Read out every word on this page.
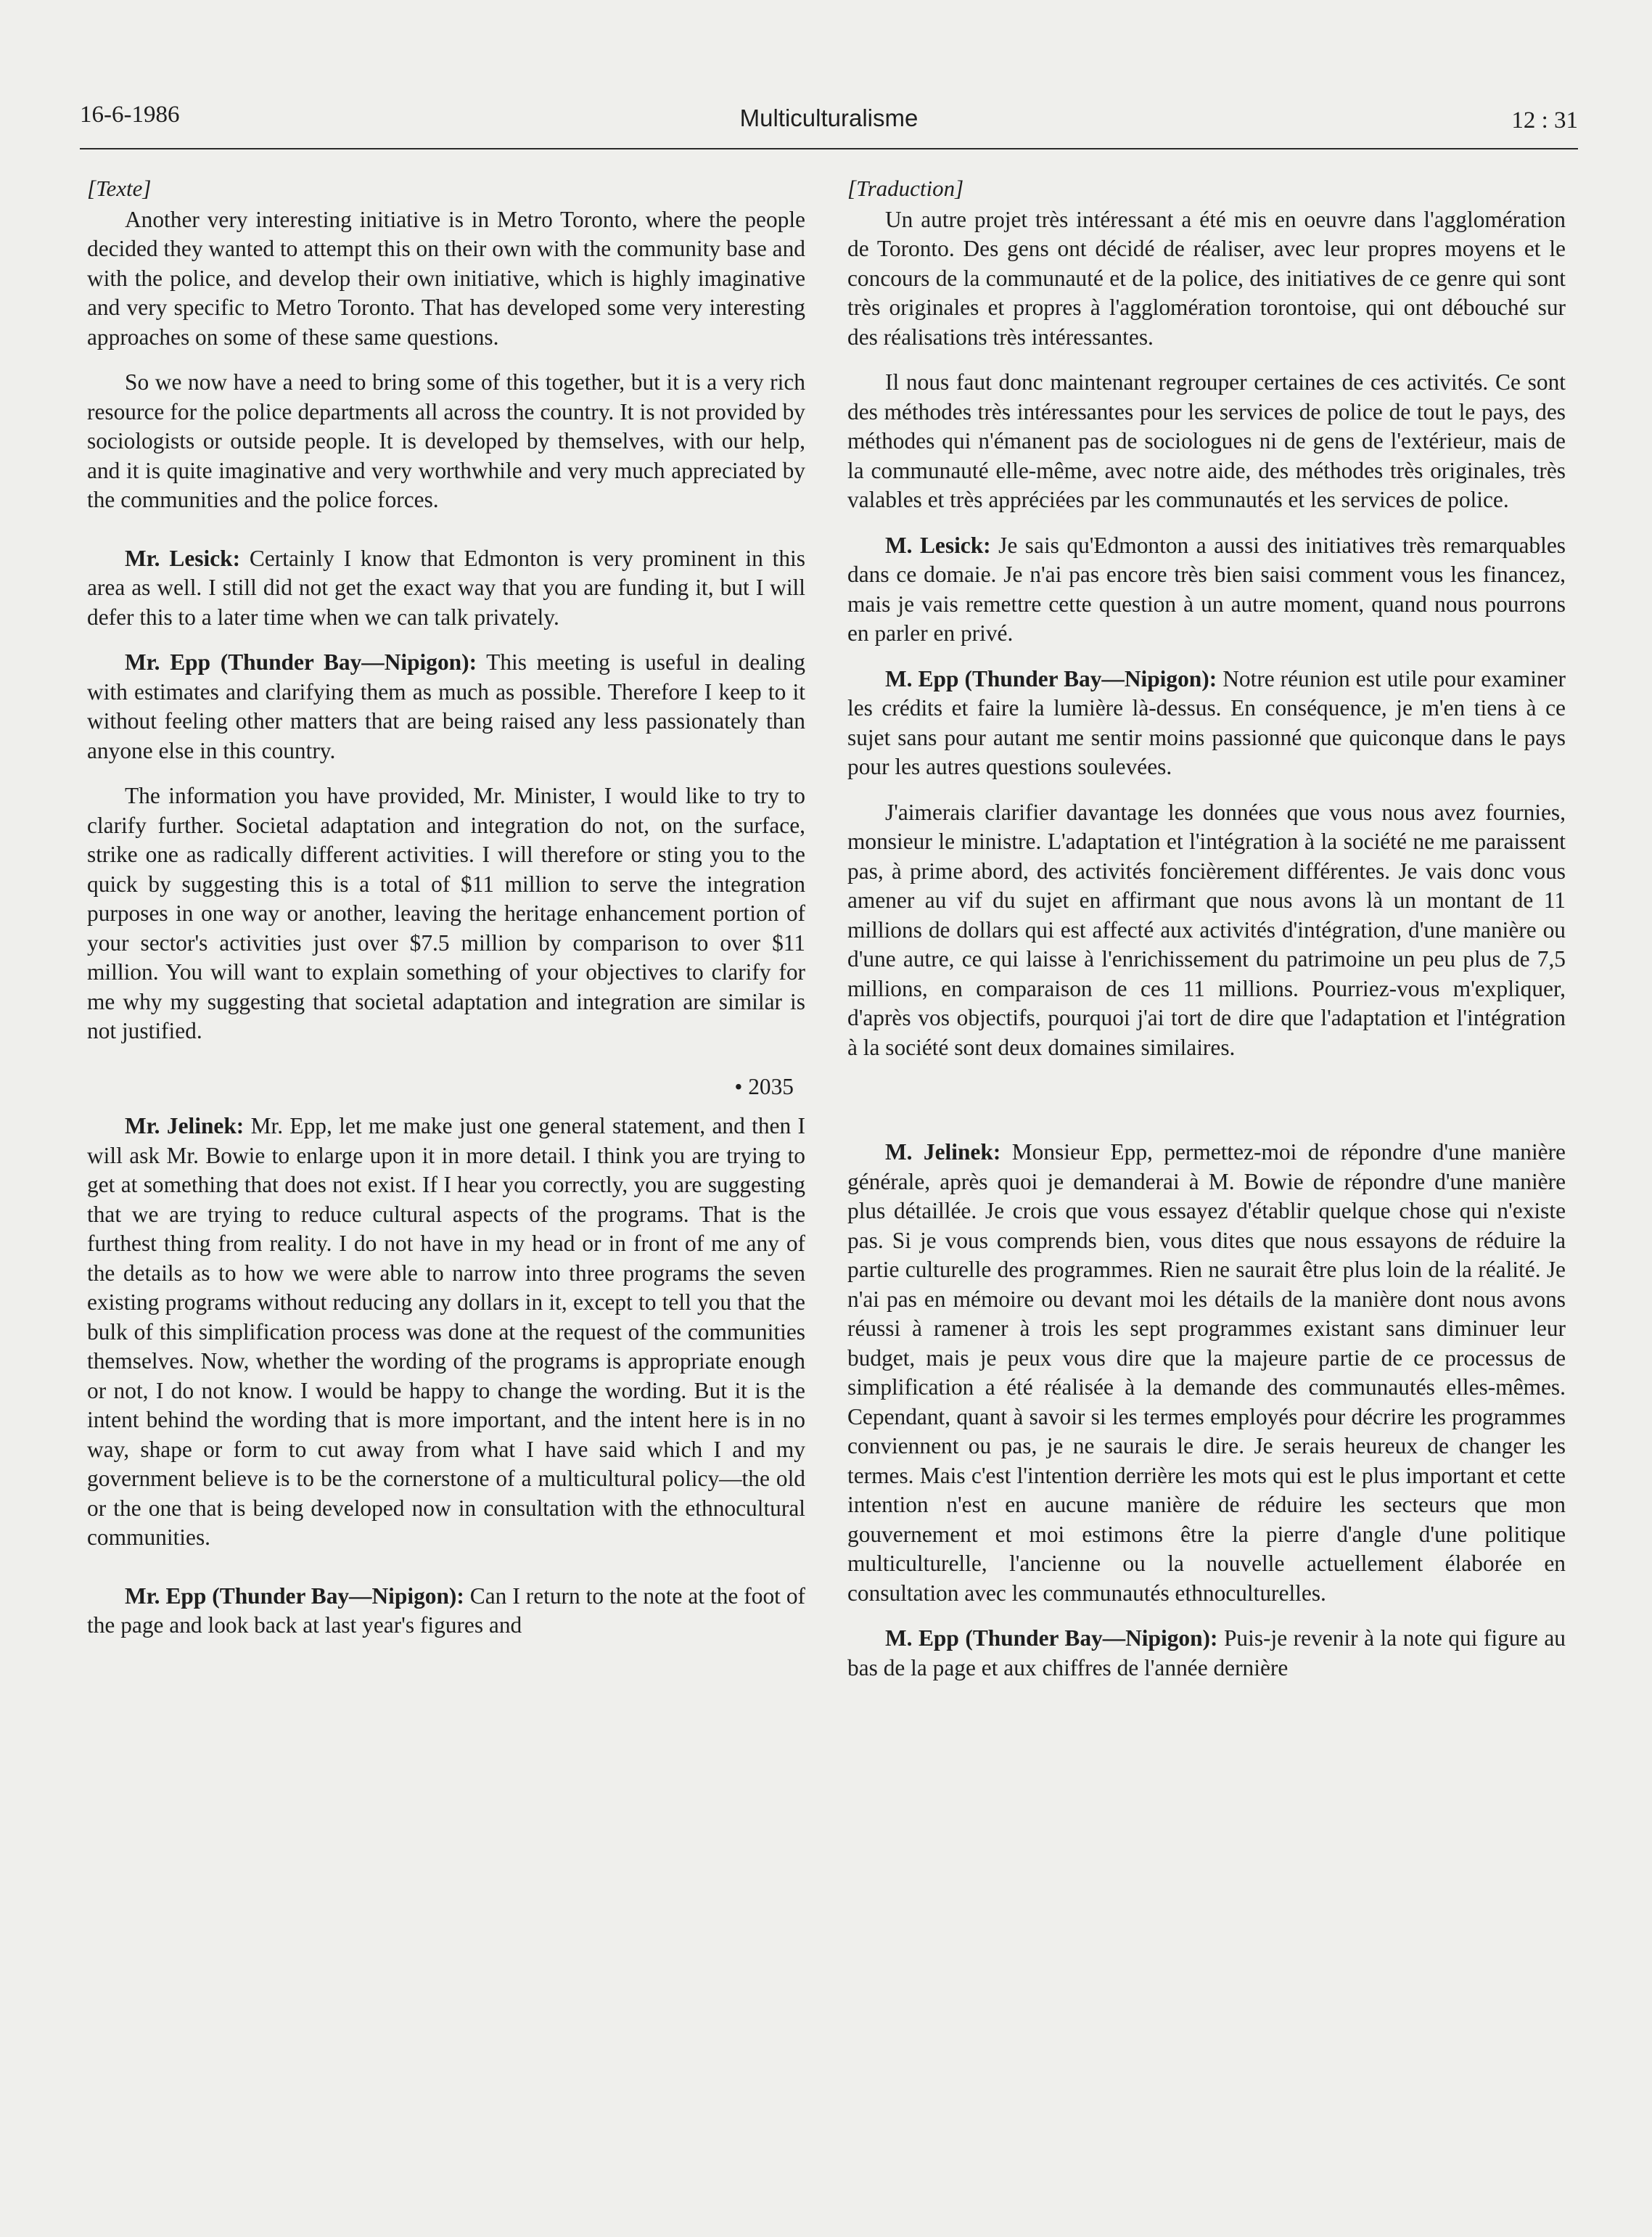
16-6-1986	Multiculturalisme	12 : 31
[Texte]

Another very interesting initiative is in Metro Toronto, where the people decided they wanted to attempt this on their own with the community base and with the police, and develop their own initiative, which is highly imaginative and very specific to Metro Toronto. That has developed some very interesting approaches on some of these same questions.

So we now have a need to bring some of this together, but it is a very rich resource for the police departments all across the country. It is not provided by sociologists or outside people. It is developed by themselves, with our help, and it is quite imaginative and very worthwhile and very much appreciated by the communities and the police forces.

Mr. Lesick: Certainly I know that Edmonton is very prominent in this area as well. I still did not get the exact way that you are funding it, but I will defer this to a later time when we can talk privately.

Mr. Epp (Thunder Bay—Nipigon): This meeting is useful in dealing with estimates and clarifying them as much as possible. Therefore I keep to it without feeling other matters that are being raised any less passionately than anyone else in this country.

The information you have provided, Mr. Minister, I would like to try to clarify further. Societal adaptation and integration do not, on the surface, strike one as radically different activities. I will therefore or sting you to the quick by suggesting this is a total of $11 million to serve the integration purposes in one way or another, leaving the heritage enhancement portion of your sector's activities just over $7.5 million by comparison to over $11 million. You will want to explain something of your objectives to clarify for me why my suggesting that societal adaptation and integration are similar is not justified.

• 2035

Mr. Jelinek: Mr. Epp, let me make just one general statement, and then I will ask Mr. Bowie to enlarge upon it in more detail. I think you are trying to get at something that does not exist. If I hear you correctly, you are suggesting that we are trying to reduce cultural aspects of the programs. That is the furthest thing from reality. I do not have in my head or in front of me any of the details as to how we were able to narrow into three programs the seven existing programs without reducing any dollars in it, except to tell you that the bulk of this simplification process was done at the request of the communities themselves. Now, whether the wording of the programs is appropriate enough or not, I do not know. I would be happy to change the wording. But it is the intent behind the wording that is more important, and the intent here is in no way, shape or form to cut away from what I have said which I and my government believe is to be the cornerstone of a multicultural policy—the old or the one that is being developed now in consultation with the ethnocultural communities.

Mr. Epp (Thunder Bay—Nipigon): Can I return to the note at the foot of the page and look back at last year's figures and

[Traduction]

Un autre projet très intéressant a été mis en oeuvre dans l'agglomération de Toronto. Des gens ont décidé de réaliser, avec leur propres moyens et le concours de la communauté et de la police, des initiatives de ce genre qui sont très originales et propres à l'agglomération torontoise, qui ont débouché sur des réalisations très intéressantes.

Il nous faut donc maintenant regrouper certaines de ces activités. Ce sont des méthodes très intéressantes pour les services de police de tout le pays, des méthodes qui n'émanent pas de sociologues ni de gens de l'extérieur, mais de la communauté elle-même, avec notre aide, des méthodes très originales, très valables et très appréciées par les communautés et les services de police.

M. Lesick: Je sais qu'Edmonton a aussi des initiatives très remarquables dans ce domaie. Je n'ai pas encore très bien saisi comment vous les financez, mais je vais remettre cette question à un autre moment, quand nous pourrons en parler en privé.

M. Epp (Thunder Bay—Nipigon): Notre réunion est utile pour examiner les crédits et faire la lumière là-dessus. En conséquence, je m'en tiens à ce sujet sans pour autant me sentir moins passionné que quiconque dans le pays pour les autres questions soulevées.

J'aimerais clarifier davantage les données que vous nous avez fournies, monsieur le ministre. L'adaptation et l'intégration à la société ne me paraissent pas, à prime abord, des activités foncièrement différentes. Je vais donc vous amener au vif du sujet en affirmant que nous avons là un montant de 11 millions de dollars qui est affecté aux activités d'intégration, d'une manière ou d'une autre, ce qui laisse à l'enrichissement du patrimoine un peu plus de 7,5 millions, en comparaison de ces 11 millions. Pourriez-vous m'expliquer, d'après vos objectifs, pourquoi j'ai tort de dire que l'adaptation et l'intégration à la société sont deux domaines similaires.

M. Jelinek: Monsieur Epp, permettez-moi de répondre d'une manière générale, après quoi je demanderai à M. Bowie de répondre d'une manière plus détaillée. Je crois que vous essayez d'établir quelque chose qui n'existe pas. Si je vous comprends bien, vous dites que nous essayons de réduire la partie culturelle des programmes. Rien ne saurait être plus loin de la réalité. Je n'ai pas en mémoire ou devant moi les détails de la manière dont nous avons réussi à ramener à trois les sept programmes existant sans diminuer leur budget, mais je peux vous dire que la majeure partie de ce processus de simplification a été réalisée à la demande des communautés elles-mêmes. Cependant, quant à savoir si les termes employés pour décrire les programmes conviennent ou pas, je ne saurais le dire. Je serais heureux de changer les termes. Mais c'est l'intention derrière les mots qui est le plus important et cette intention n'est en aucune manière de réduire les secteurs que mon gouvernement et moi estimons être la pierre d'angle d'une politique multiculturelle, l'ancienne ou la nouvelle actuellement élaborée en consultation avec les communautés ethnoculturelles.

M. Epp (Thunder Bay—Nipigon): Puis-je revenir à la note qui figure au bas de la page et aux chiffres de l'année dernière
